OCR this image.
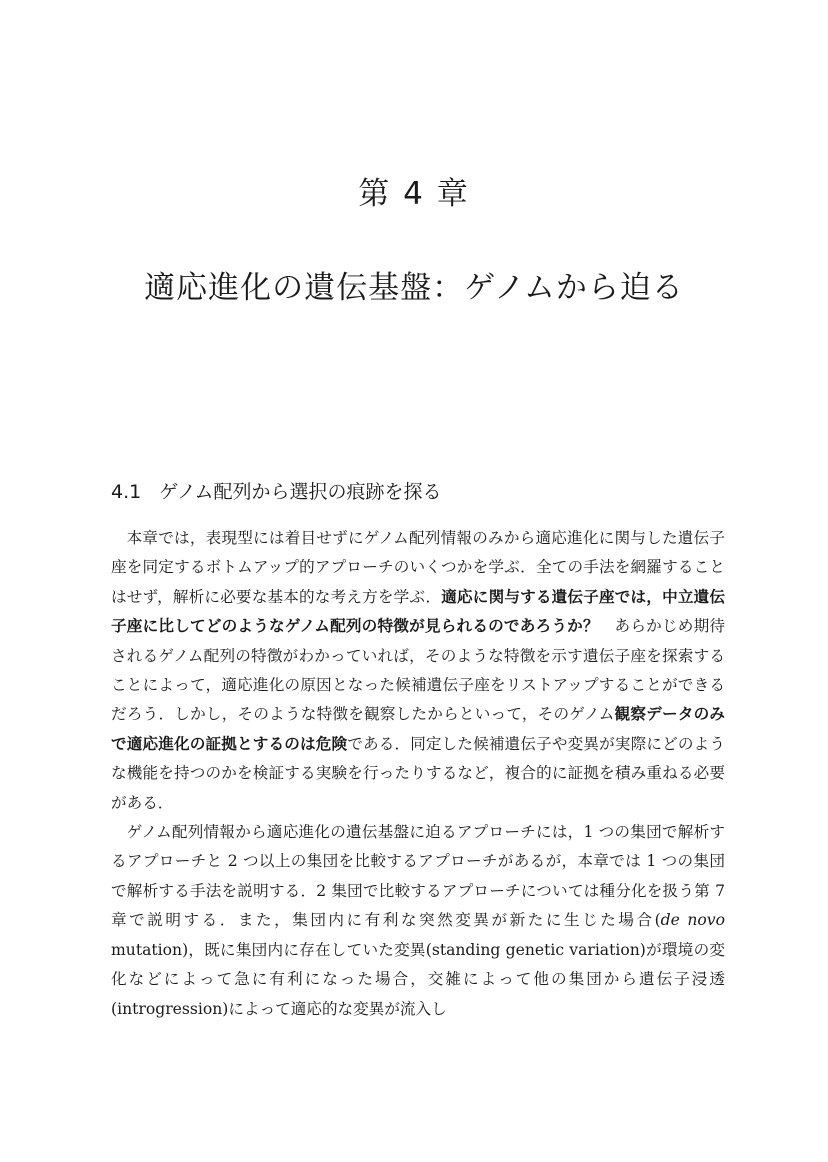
第 4 章
適応進化の遺伝基盤：ゲノムから迫る
4.1 ゲノム配列から選択の痕跡を探る

本章では，表現型には着目せずにゲノム配列情報のみから適応進化に関与した遺伝子座を同定するボトムアップ的アプローチのいくつかを学ぶ．全ての手法を網羅することはせず，解析に必要な基本的な考え方を学ぶ．適応に関与する遺伝子座では，中立遺伝子座に比してどのようなゲノム配列の特徴が見られるのであろうか？　あらかじめ期待されるゲノム配列の特徴がわかっていれば，そのような特徴を示す遺伝子座を探索することによって，適応進化の原因となった候補遺伝子座をリストアップすることができるだろう．しかし，そのような特徴を観察したからといって，そのゲノム観察データのみで適応進化の証拠とするのは危険である．同定した候補遺伝子や変異が実際にどのような機能を持つのかを検証する実験を行ったりするなど，複合的に証拠を積み重ねる必要がある．

ゲノム配列情報から適応進化の遺伝基盤に迫るアプローチには，1 つの集団で解析するアプローチと 2 つ以上の集団を比較するアプローチがあるが，本章では 1 つの集団で解析する手法を説明する．2 集団で比較するアプローチについては種分化を扱う第 7 章で説明する．また，集団内に有利な突然変異が新たに生じた場合(de novo mutation)，既に集団内に存在していた変異(standing genetic variation)が環境の変化などによって急に有利になった場合，交雑によって他の集団から遺伝子浸透(introgression)によって適応的な変異が流入し
